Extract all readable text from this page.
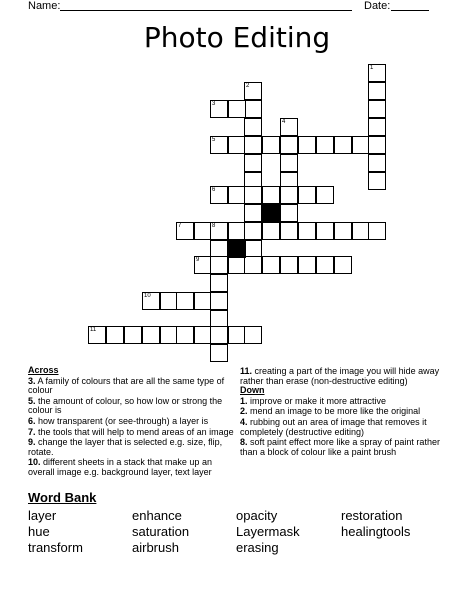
Name:	Date:
Photo Editing
1
2
3
4
5
6
7	8
9
10
11
Across
3. A family of colours that are all the same type of colour
5. the amount of colour, so how low or strong the colour is
6. how transparent (or see-through) a layer is
7. the tools that will help to mend areas of an image
9. change the layer that is selected e.g. size, flip, rotate.
10. different sheets in a stack that make up an overall image e.g. background layer, text layer
11. creating a part of the image you will hide away rather than erase (non-destructive editing)
Down
1. improve or make it more attractive
2. mend an image to be more like the original
4. rubbing out an area of image that removes it completely (destructive editing)
8. soft paint effect more like a spray of paint rather than a block of colour like a paint brush
Word Bank
layer	enhance	opacity	restoration
hue	saturation	Layermask	healingtools
transform	airbrush	erasing
